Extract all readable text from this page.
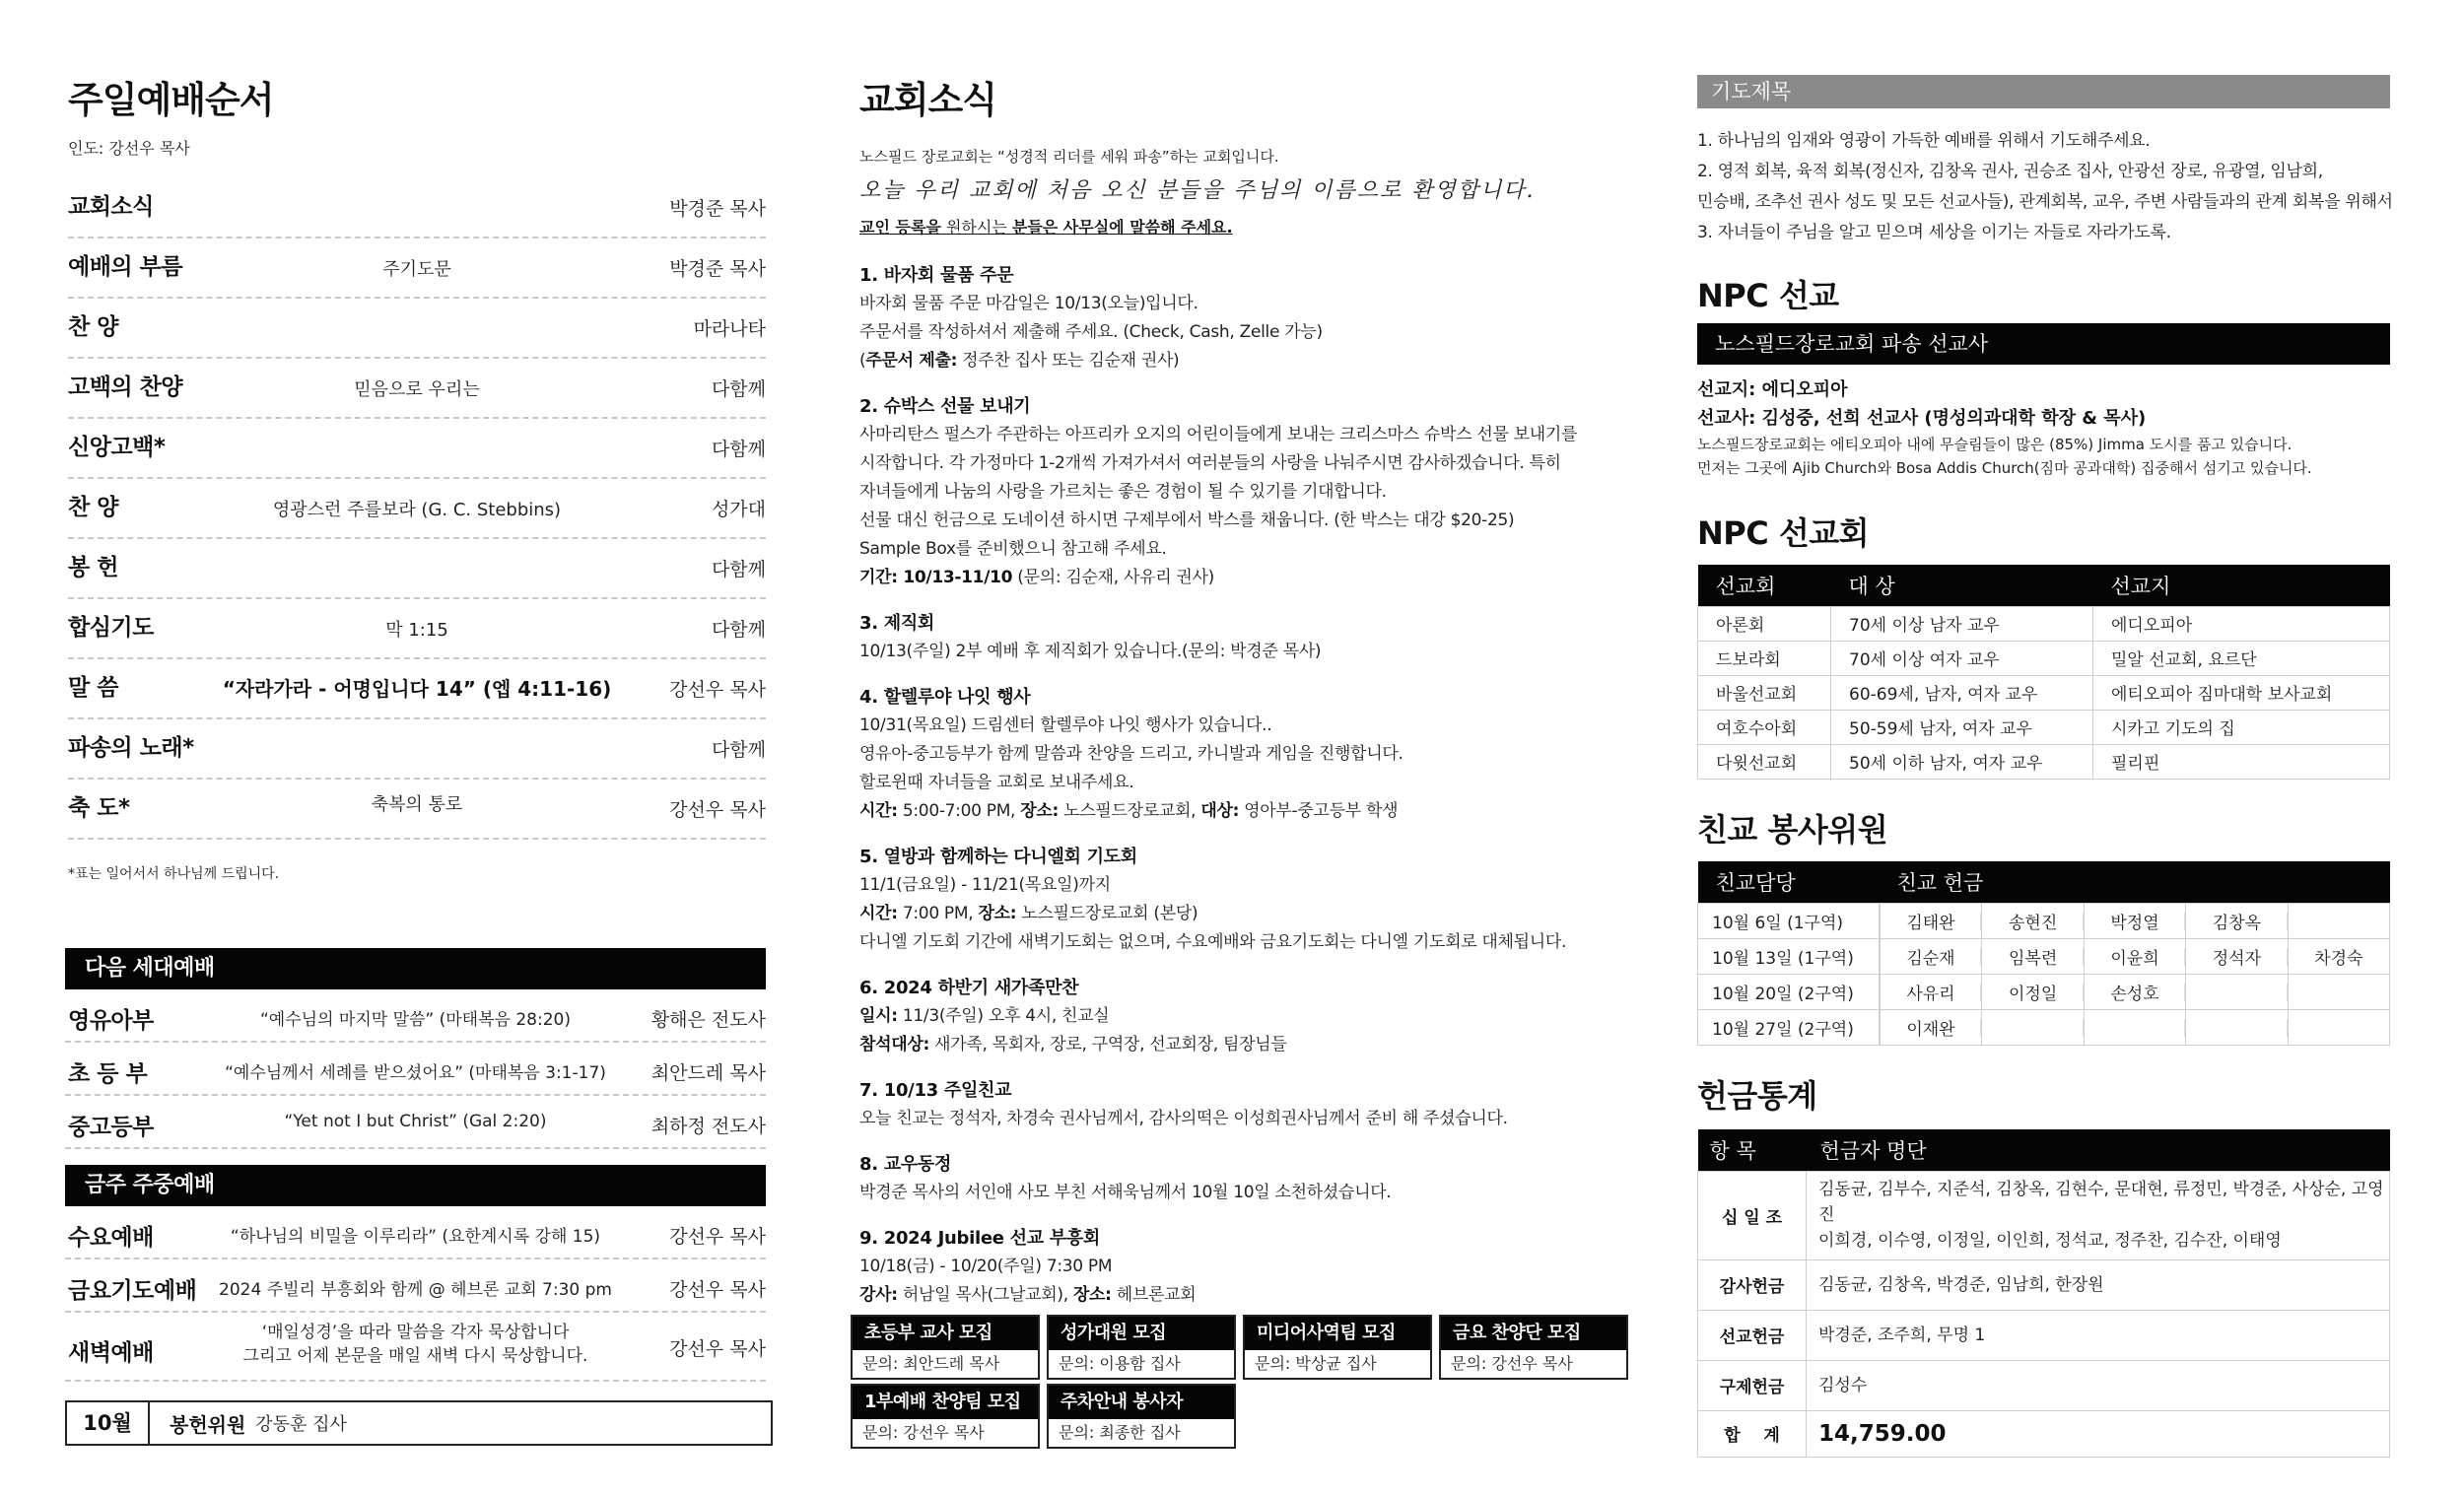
주일예배순서
인도: 강선우 목사
교회소식	박경준 목사
예배의 부름	주기도문	박경준 목사
찬 양	마라나타
고백의 찬양	믿음으로 우리는	다함께
신앙고백*	다함께
찬 양	영광스런 주를보라 (G. C. Stebbins)	성가대
봉 헌	다함께
합심기도	막 1:15	다함께
말 씀	“자라가라 - 어명입니다 14” (엡 4:11-16)	강선우 목사
파송의 노래*	다함께
축 도*	축복의 통로	강선우 목사
*표는 일어서서 하나님께 드립니다.
다음 세대예배
영유아부	“예수님의 마지막 말씀” (마태복음 28:20)	황해은 전도사
초 등 부	“예수님께서 세례를 받으셨어요” (마태복음 3:1-17)	최안드레 목사
중고등부	“Yet not I but Christ” (Gal 2:20)	최하정 전도사
금주 주중예배
수요예배	“하나님의 비밀을 이루리라” (요한계시록 강해 15)	강선우 목사
금요기도예배	2024 주빌리 부흥회와 함께 @ 헤브론 교회 7:30 pm	강선우 목사
새벽예배
‘매일성경’을 따라 말씀을 각자 묵상합니다
그리고 어제 본문을 매일 새벽 다시 묵상합니다.	강선우 목사
10월	봉헌위원 강동훈 집사
교회소식
노스필드 장로교회는 “성경적 리더를 세워 파송”하는 교회입니다.
오늘 우리 교회에 처음 오신 분들을 주님의 이름으로 환영합니다.
교인 등록을 원하시는 분들은 사무실에 말씀해 주세요.
1. 바자회 물품 주문
바자회 물품 주문 마감일은 10/13(오늘)입니다.
주문서를 작성하셔서 제출해 주세요. (Check, Cash, Zelle 가능)
(주문서 제출: 정주찬 집사 또는 김순재 권사)
2. 슈박스 선물 보내기
사마리탄스 펄스가 주관하는 아프리카 오지의 어린이들에게 보내는 크리스마스 슈박스 선물 보내기를
시작합니다. 각 가정마다 1-2개씩 가져가셔서 여러분들의 사랑을 나눠주시면 감사하겠습니다. 특히
자녀들에게 나눔의 사랑을 가르치는 좋은 경험이 될 수 있기를 기대합니다.
선물 대신 헌금으로 도네이션 하시면 구제부에서 박스를 채웁니다. (한 박스는 대강 $20-25)
Sample Box를 준비했으니 참고해 주세요.
기간: 10/13-11/10 (문의: 김순재, 사유리 권사)
3. 제직회
10/13(주일) 2부 예배 후 제직회가 있습니다.(문의: 박경준 목사)
4. 할렐루야 나잇 행사
10/31(목요일) 드림센터 할렐루야 나잇 행사가 있습니다..
영유아-중고등부가 함께 말씀과 찬양을 드리고, 카니발과 게임을 진행합니다.
할로윈때 자녀들을 교회로 보내주세요.
시간: 5:00-7:00 PM, 장소: 노스필드장로교회, 대상: 영아부-중고등부 학생
5. 열방과 함께하는 다니엘회 기도회
11/1(금요일) - 11/21(목요일)까지
시간: 7:00 PM, 장소: 노스필드장로교회 (본당)
다니엘 기도회 기간에 새벽기도회는 없으며, 수요예배와 금요기도회는 다니엘 기도회로 대체됩니다.
6. 2024 하반기 새가족만찬
일시: 11/3(주일) 오후 4시, 친교실
참석대상: 새가족, 목회자, 장로, 구역장, 선교회장, 팀장님들
7. 10/13 주일친교
오늘 친교는 정석자, 차경숙 권사님께서, 감사의떡은 이성희권사님께서 준비 해 주셨습니다.
8. 교우동정
박경준 목사의 서인애 사모 부친 서해욱님께서 10월 10일 소천하셨습니다.
9. 2024 Jubilee 선교 부흥회
10/18(금) - 10/20(주일) 7:30 PM
강사: 허남일 목사(그날교회), 장소: 헤브론교회
초등부 교사 모집
문의: 최안드레 목사
성가대원 모집
문의: 이용함 집사
미디어사역팀 모집
문의: 박상균 집사
금요 찬양단 모집
문의: 강선우 목사
1부예배 찬양팀 모집
문의: 강선우 목사
주차안내 봉사자
문의: 최종한 집사
기도제목

1. 하나님의 임재와 영광이 가득한 예배를 위해서 기도해주세요.

2. 영적 회복, 육적 회복(정신자, 김창옥 권사, 권승조 집사, 안광선 장로, 유광열, 임남희,

민승배, 조추선 권사 성도 및 모든 선교사들), 관계회복, 교우, 주변 사람들과의 관계 회복을 위해서

3. 자녀들이 주님을 알고 믿으며 세상을 이기는 자들로 자라가도록.

NPC 선교
노스필드장로교회 파송 선교사
선교지: 에디오피아
선교사: 김성중, 선희 선교사 (명성의과대학 학장 & 목사)
노스필드장로교회는 에티오피아 내에 무슬림들이 많은 (85%) Jimma 도시를 품고 있습니다.
먼저는 그곳에 Ajib Church와 Bosa Addis Church(짐마 공과대학) 집중해서 섬기고 있습니다.
NPC 선교회
선교회	대 상	선교지
아론회	70세 이상 남자 교우	에디오피아
드보라회	70세 이상 여자 교우	밀알 선교회, 요르단
바울선교회	60-69세, 남자, 여자 교우	에티오피아 짐마대학 보사교회
여호수아회	50-59세 남자, 여자 교우	시카고 기도의 집
다윗선교회	50세 이하 남자, 여자 교우	필리핀
친교 봉사위원
친교담당	친교 헌금				
10월 6일 (1구역)	김태완	송현진	박정열	김창옥	
10월 13일 (1구역)	김순재	임복련	이윤희	정석자	차경숙
10월 20일 (2구역)	사유리	이정일	손성호		
10월 27일 (2구역)	이재완				
헌금통계
항 목	헌금자 명단
십 일 조	김동균, 김부수, 지준석, 김창옥, 김현수, 문대현, 류정민, 박경준, 사상순, 고영진
이희경, 이수영, 이정일, 이인희, 정석교, 정주찬, 김수잔, 이태영

감사헌금	김동균, 김창옥, 박경준, 임남희, 한장원
선교헌금	박경준, 조주희, 무명 1
구제헌금	김성수
합    계	14,759.00
